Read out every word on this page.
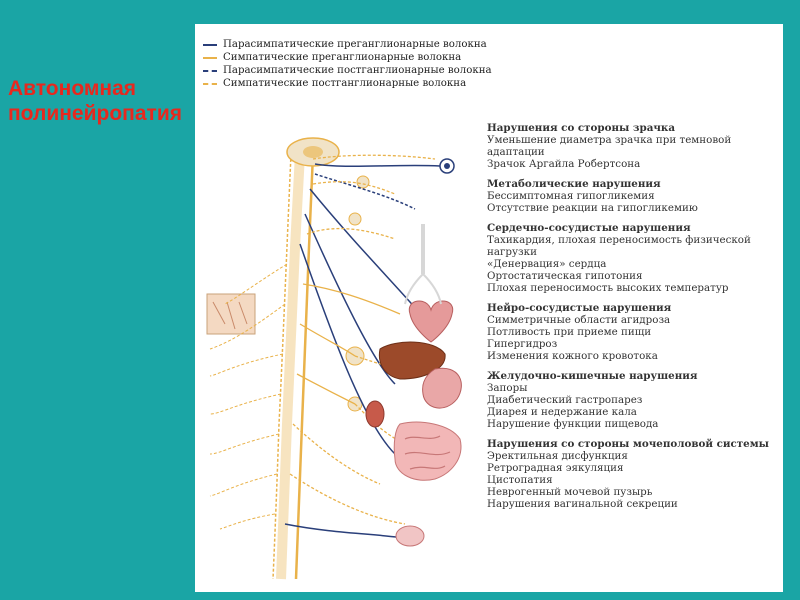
Автономная полинейропатия
Парасимпатические преганглионарные волокна
Симпатические преганглионарные волокна
Парасимпатические постганглионарные волокна
Симпатические постганглионарные волокна
Нарушения со стороны зрачка
Уменьшение диаметра зрачка при темновой адаптации
Зрачок Аргайла Робертсона
Метаболические нарушения
Бессимптомная гипогликемия
Отсутствие реакции на гипогликемию
Сердечно-сосудистые нарушения
Тахикардия, плохая переносимость физической нагрузки
«Денервация» сердца
Ортостатическая гипотония
Плохая переносимость высоких температур
Нейро-сосудистые нарушения
Симметричные области агидроза
Потливость при приеме пищи
Гипергидроз
Изменения кожного кровотока
Желудочно-кишечные нарушения
Запоры
Диабетический гастропарез
Диарея и недержание кала
Нарушение функции пищевода
Нарушения со стороны мочеполовой системы
Эректильная дисфункция
Ретроградная эякуляция
Цистопатия
Неврогенный мочевой пузырь
Нарушения вагинальной секреции
